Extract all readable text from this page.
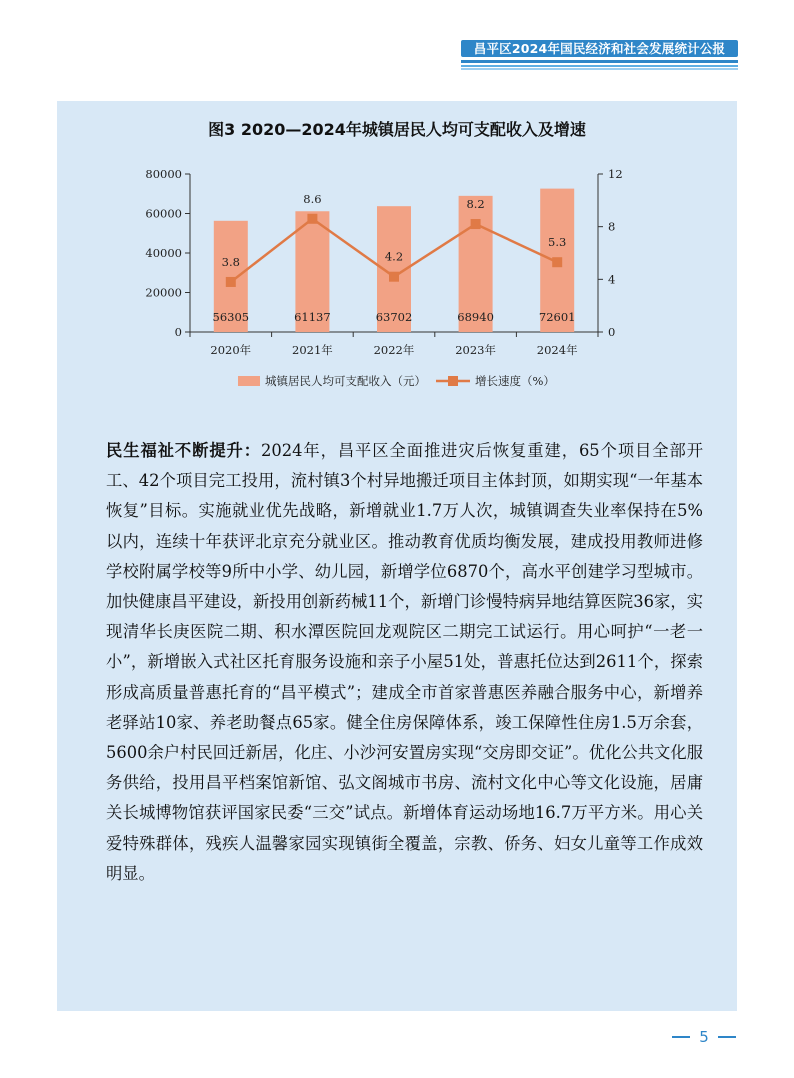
昌平区2024年国民经济和社会发展统计公报
图3 2020—2024年城镇居民人均可支配收入及增速
0
20000
40000
60000
80000
0
4
8
12
2020年	2021年	2022年	2023年	2024年
56305	61137	63702	68940	72601
3.8
8.6
4.2
8.2
5.3
城镇居民人均可支配收入（元）	增长速度（%）
民生福祉不断提升：2024年，昌平区全面推进灾后恢复重建，65个项目全部开工、42个项目完工投用，流村镇3个村异地搬迁项目主体封顶，如期实现“一年基本恢复”目标。实施就业优先战略，新增就业1.7万人次，城镇调查失业率保持在5%以内，连续十年获评北京充分就业区。推动教育优质均衡发展，建成投用教师进修学校附属学校等9所中小学、幼儿园，新增学位6870个，高水平创建学习型城市。加快健康昌平建设，新投用创新药械11个，新增门诊慢特病异地结算医院36家，实现清华长庚医院二期、积水潭医院回龙观院区二期完工试运行。用心呵护“一老一小”，新增嵌入式社区托育服务设施和亲子小屋51处，普惠托位达到2611个，探索形成高质量普惠托育的“昌平模式”；建成全市首家普惠医养融合服务中心，新增养老驿站10家、养老助餐点65家。健全住房保障体系，竣工保障性住房1.5万余套，5600余户村民回迁新居，化庄、小沙河安置房实现“交房即交证”。优化公共文化服务供给，投用昌平档案馆新馆、弘文阁城市书房、流村文化中心等文化设施，居庸关长城博物馆获评国家民委“三交”试点。新增体育运动场地16.7万平方米。用心关爱特殊群体，残疾人温馨家园实现镇街全覆盖，宗教、侨务、妇女儿童等工作成效明显。
5
